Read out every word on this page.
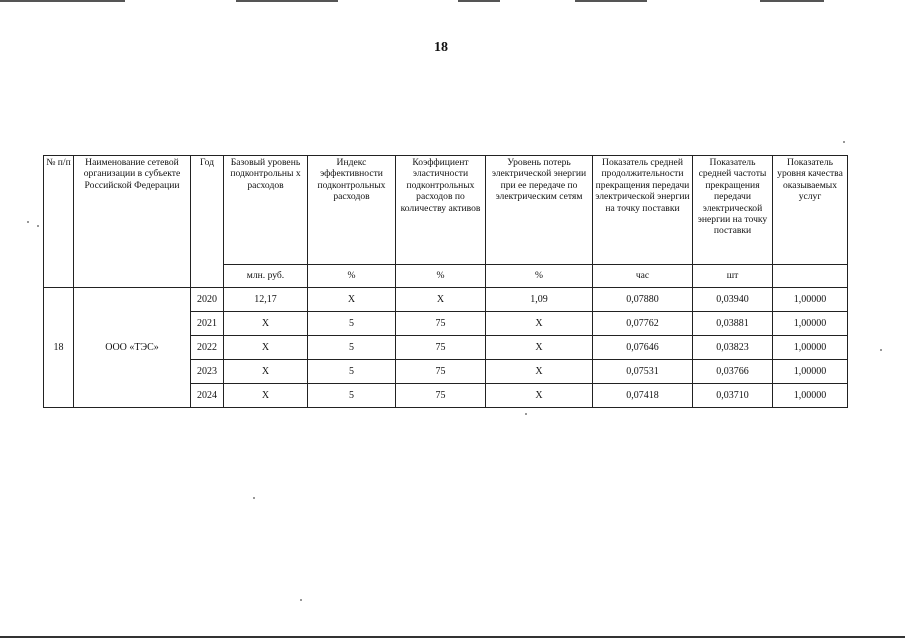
18
№ п/п	Наименование сетевой организации в субъекте Российской Федерации	Год	Базовый уровень подконтрольны х расходов	Индекс эффективности подконтрольных расходов	Коэффициент эластичности подконтрольных расходов по количеству активов	Уровень потерь электрической энергии при ее передаче по электрическим сетям	Показатель средней продолжительности прекращения передачи электрической энергии на точку поставки	Показатель средней частоты прекращения передачи электрической энергии на точку поставки	Показатель уровня качества оказываемых услуг
			млн. руб.	%	%	%	час	шт	
18	ООО «ТЭС»	2020	12,17	X	X	1,09	0,07880	0,03940	1,00000
		2021	X	5	75	X	0,07762	0,03881	1,00000
		2022	X	5	75	X	0,07646	0,03823	1,00000
		2023	X	5	75	X	0,07531	0,03766	1,00000
		2024	X	5	75	X	0,07418	0,03710	1,00000
